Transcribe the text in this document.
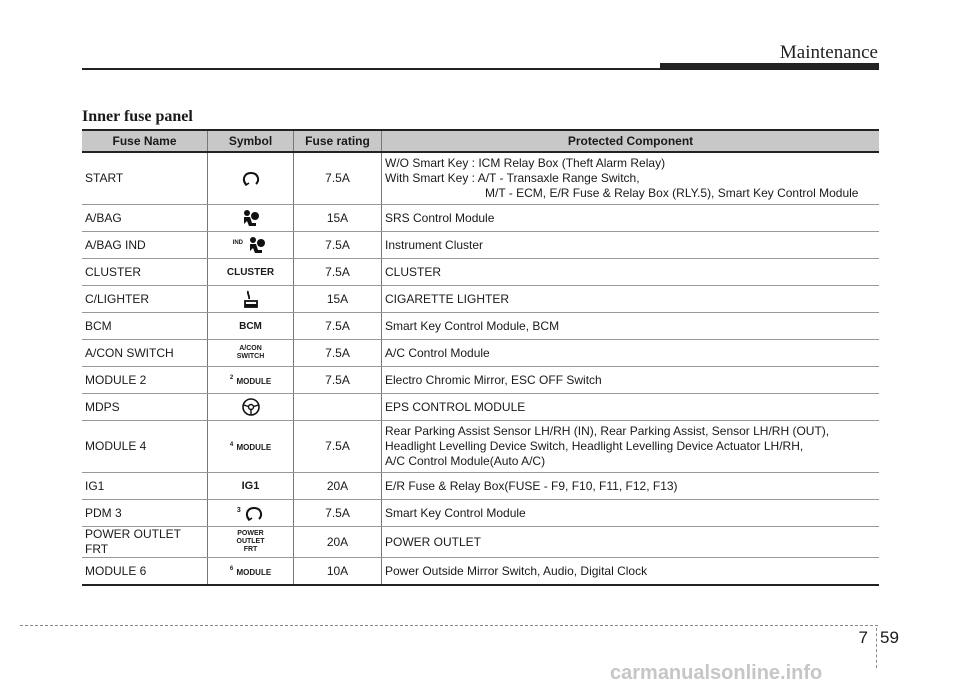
Maintenance
Inner fuse panel
Fuse Name	Symbol	Fuse rating	Protected Component
START		7.5A	W/O Smart Key : ICM Relay Box (Theft Alarm Relay)
With Smart Key : A/T - Transaxle Range Switch,
M/T - ECM, E/R Fuse & Relay Box (RLY.5), Smart Key Control Module

A/BAG		15A	SRS Control Module
A/BAG IND	IND	7.5A	Instrument Cluster
CLUSTER	CLUSTER	7.5A	CLUSTER
C/LIGHTER		15A	CIGARETTE LIGHTER
BCM	BCM	7.5A	Smart Key Control Module, BCM
A/CON SWITCH	A/CON
SWITCH	7.5A	A/C Control Module
MODULE 2	$^2$ MODULE	7.5A	Electro Chromic Mirror, ESC OFF Switch
MDPS			EPS CONTROL MODULE
MODULE 4	$^4$ MODULE	7.5A	Rear Parking Assist Sensor LH/RH (IN), Rear Parking Assist, Sensor LH/RH (OUT),
Headlight Levelling Device Switch, Headlight Levelling Device Actuator LH/RH,
A/C Control Module(Auto A/C)

IG1	IG1	20A	E/R Fuse & Relay Box(FUSE - F9, F10, F11, F12, F13)
PDM 3	$^3$	7.5A	Smart Key Control Module
POWER OUTLET FRT	POWER
OUTLET
FRT	20A	POWER OUTLET
MODULE 6	$^6$ MODULE	10A	Power Outside Mirror Switch, Audio, Digital Clock
7 59
carmanualsonline.info
